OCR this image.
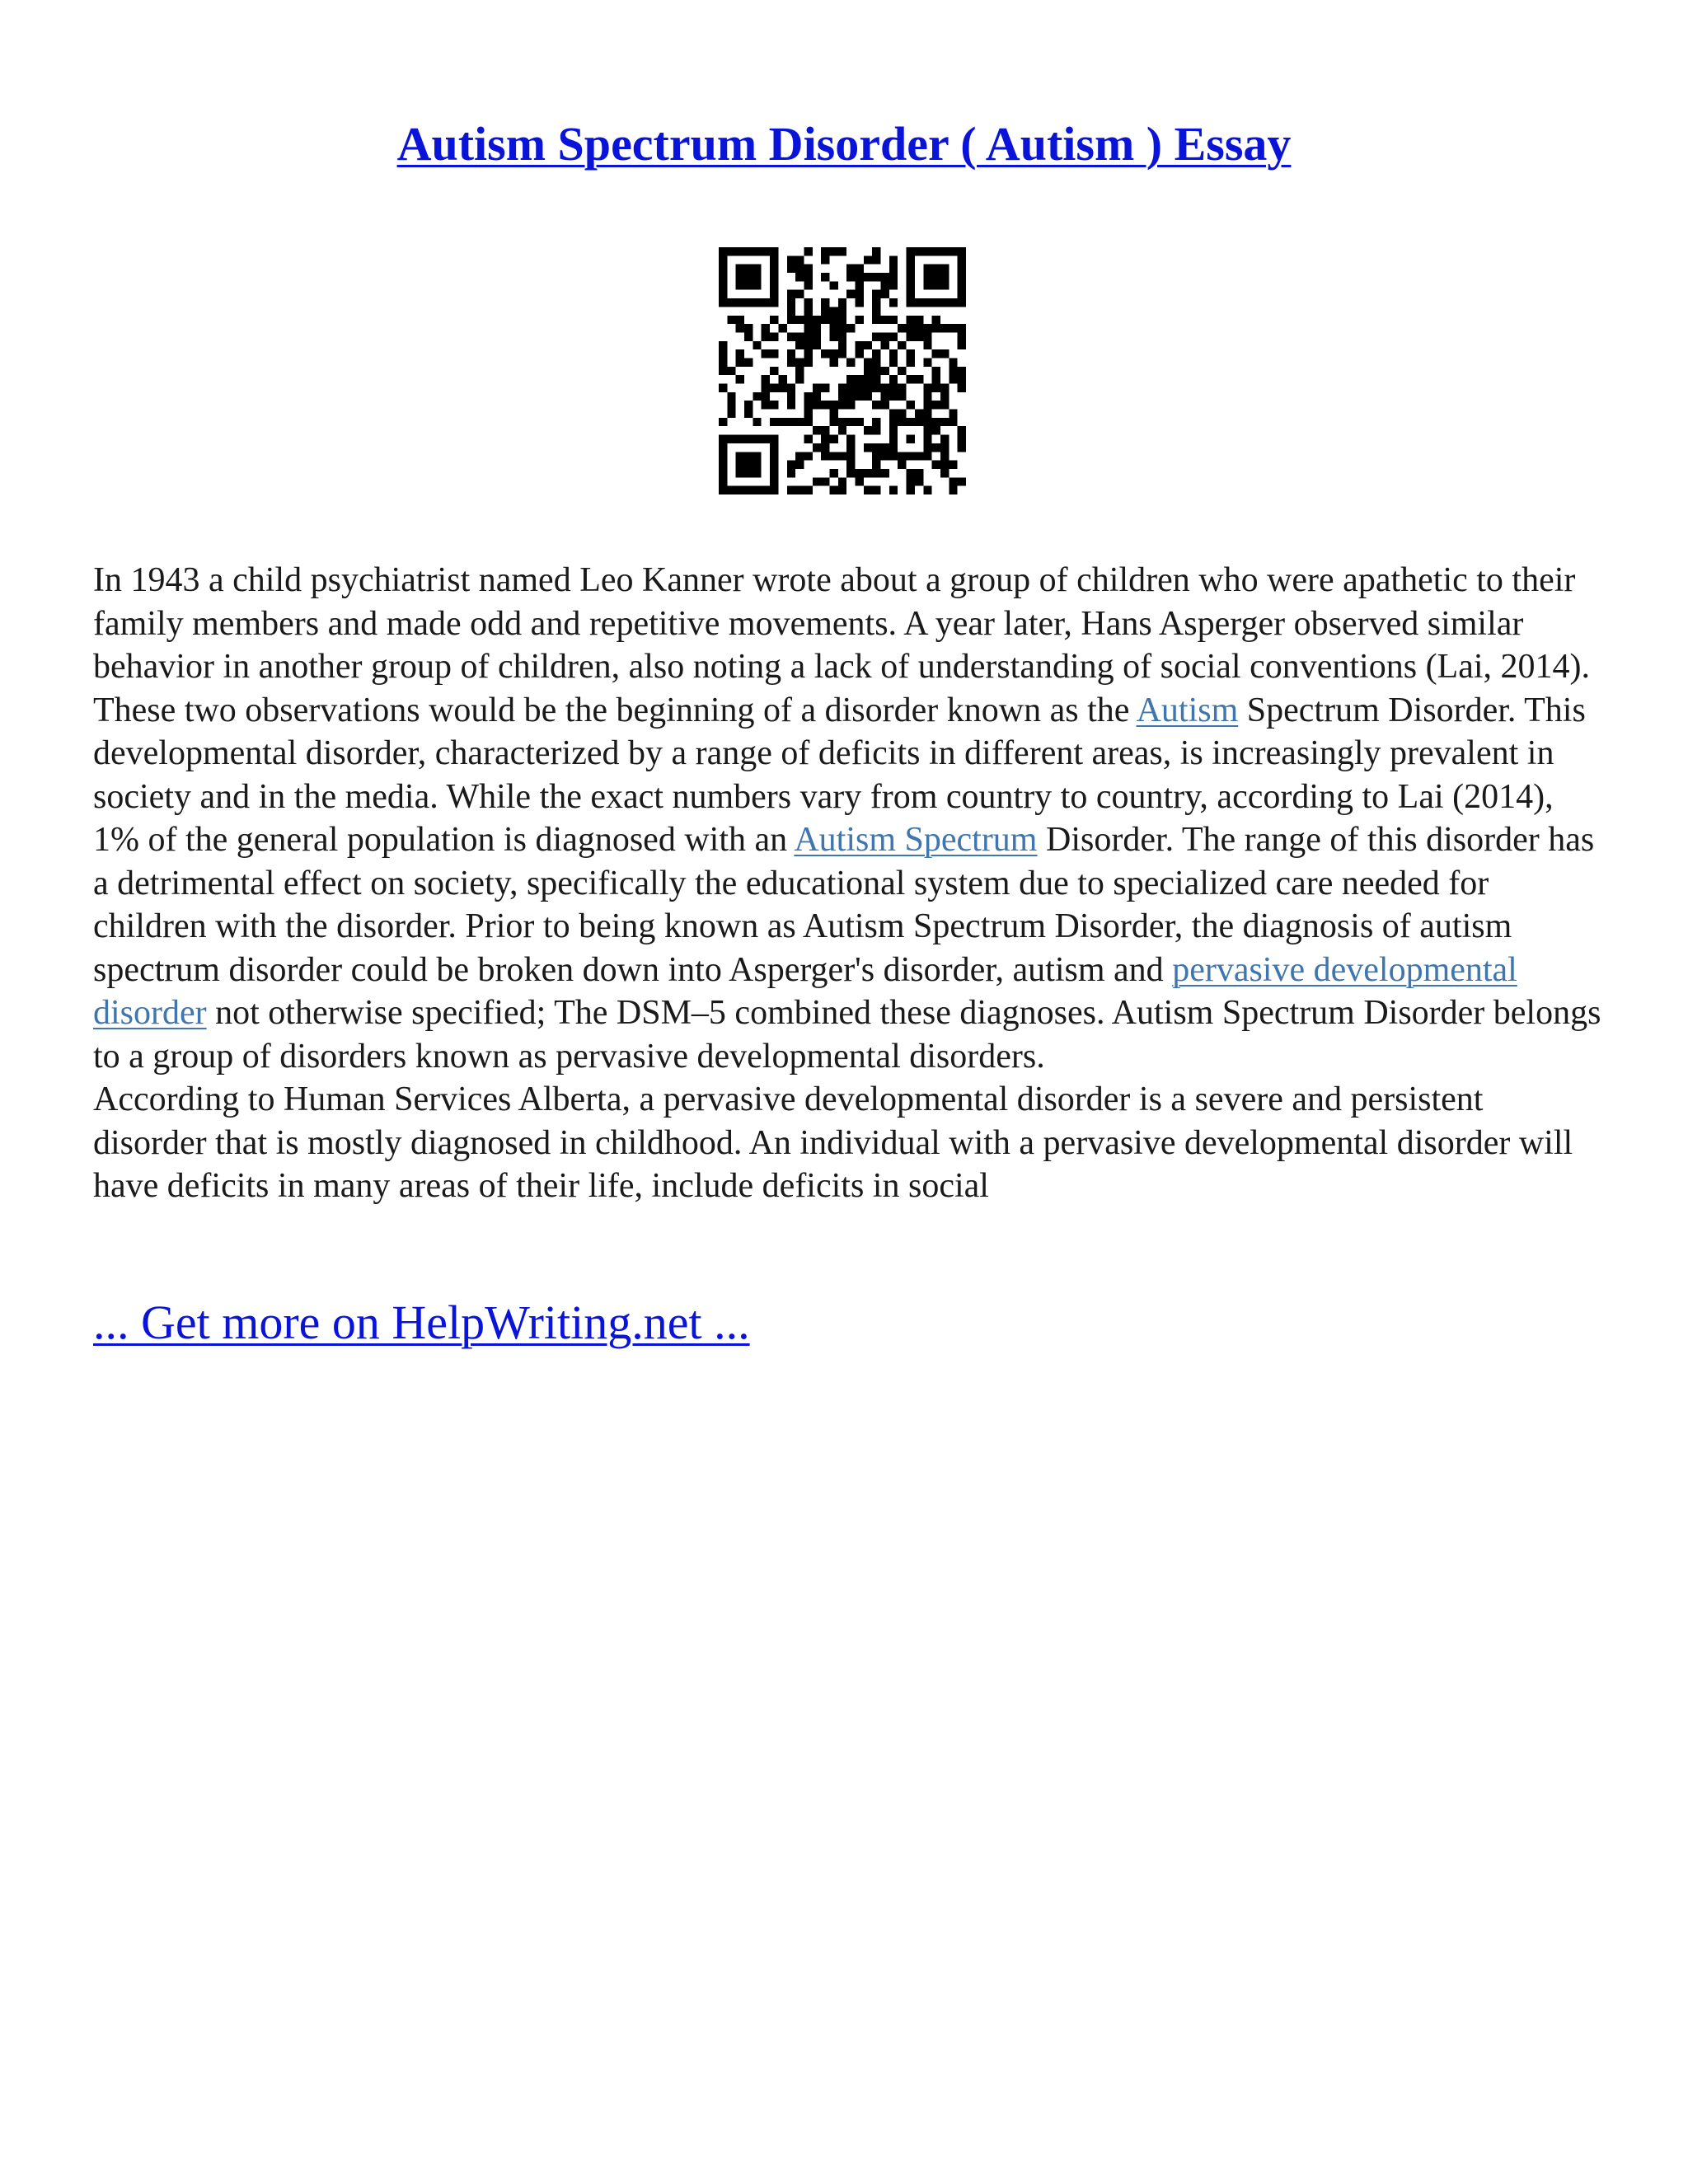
Autism Spectrum Disorder ( Autism ) Essay

In 1943 a child psychiatrist named Leo Kanner wrote about a group of children who were apathetic to their family members and made odd and repetitive movements. A year later, Hans Asperger observed similar behavior in another group of children, also noting a lack of understanding of social conventions (Lai, 2014). These two observations would be the beginning of a disorder known as the Autism Spectrum Disorder. This developmental disorder, characterized by a range of deficits in different areas, is increasingly prevalent in society and in the media. While the exact numbers vary from country to country, according to Lai (2014), 1% of the general population is diagnosed with an Autism Spectrum Disorder. The range of this disorder has a detrimental effect on society, specifically the educational system due to specialized care needed for children with the disorder. Prior to being known as Autism Spectrum Disorder, the diagnosis of autism spectrum disorder could be broken down into Asperger's disorder, autism and pervasive developmental disorder not otherwise specified; The DSM–5 combined these diagnoses. Autism Spectrum Disorder belongs to a group of disorders known as pervasive developmental disorders.

According to Human Services Alberta, a pervasive developmental disorder is a severe and persistent disorder that is mostly diagnosed in childhood. An individual with a pervasive developmental disorder will have deficits in many areas of their life, include deficits in social

... Get more on HelpWriting.net ...
